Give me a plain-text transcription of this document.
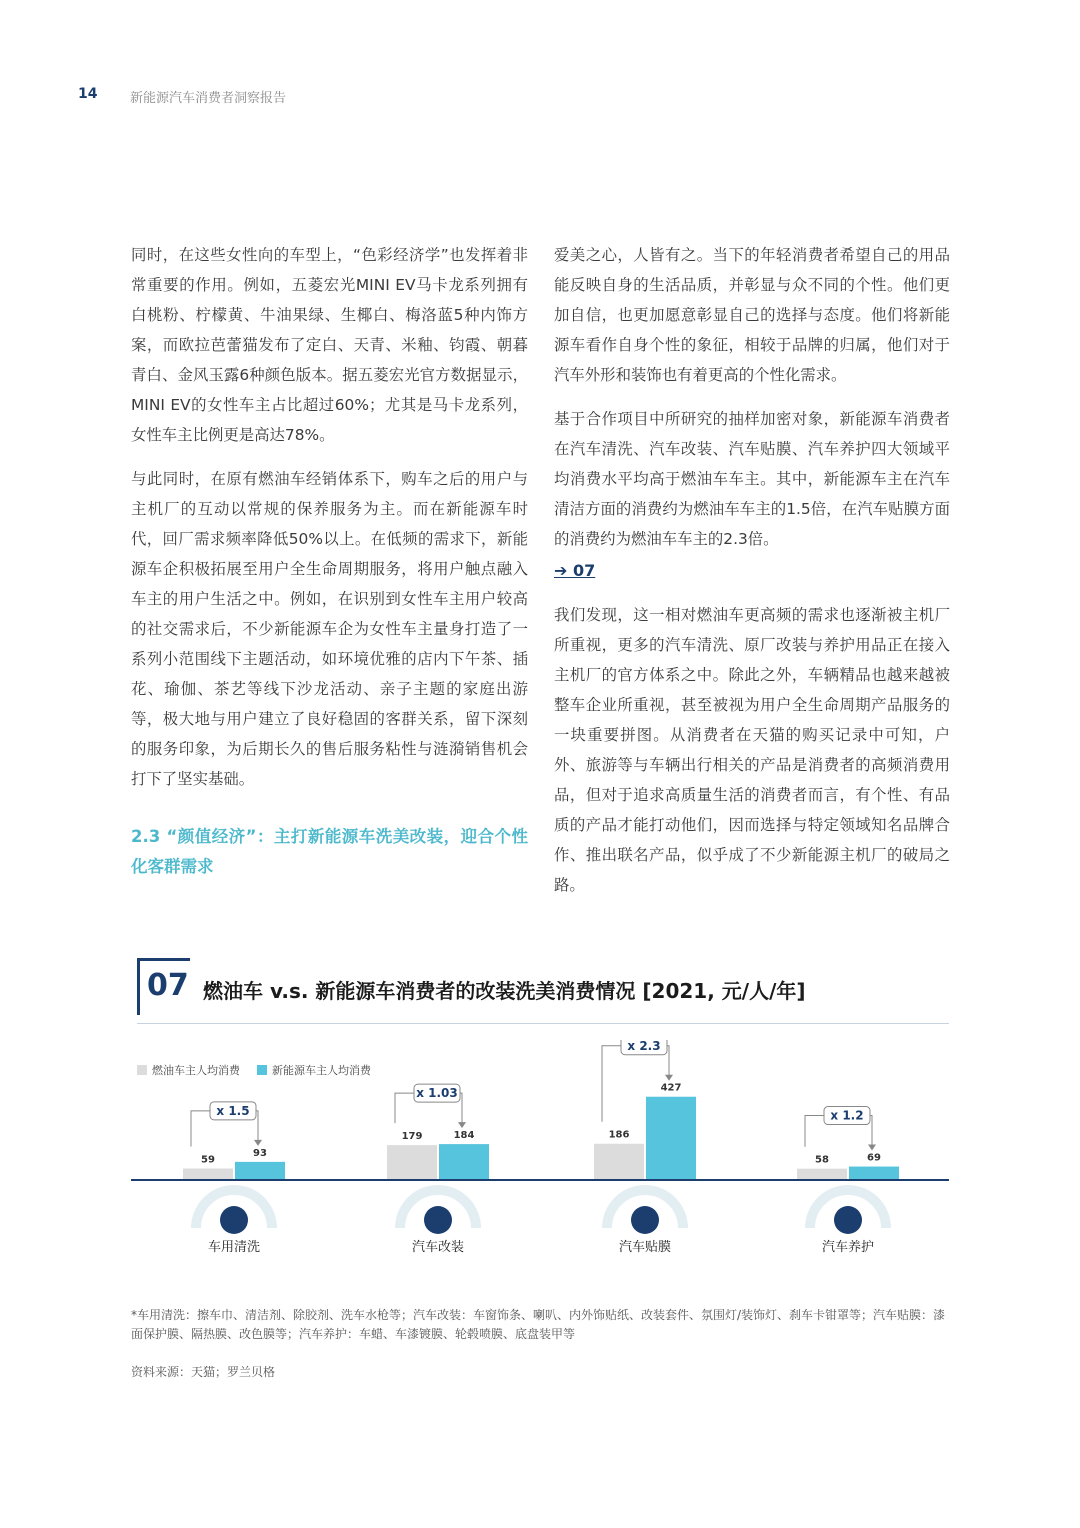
14	新能源汽车消费者洞察报告

同时，在这些女性向的车型上，“色彩经济学”也发挥着非常重要的作用。例如，五菱宏光MINI EV马卡龙系列拥有白桃粉、柠檬黄、牛油果绿、生椰白、梅洛蓝5种内饰方案，而欧拉芭蕾猫发布了定白、天青、米釉、钧霞、朝暮青白、金风玉露6种颜色版本。据五菱宏光官方数据显示，MINI EV的女性车主占比超过60%；尤其是马卡龙系列，女性车主比例更是高达78%。

与此同时，在原有燃油车经销体系下，购车之后的用户与主机厂的互动以常规的保养服务为主。而在新能源车时代，回厂需求频率降低50%以上。在低频的需求下，新能源车企积极拓展至用户全生命周期服务，将用户触点融入车主的用户生活之中。例如，在识别到女性车主用户较高的社交需求后，不少新能源车企为女性车主量身打造了一系列小范围线下主题活动，如环境优雅的店内下午茶、插花、瑜伽、茶艺等线下沙龙活动、亲子主题的家庭出游等，极大地与用户建立了良好稳固的客群关系，留下深刻的服务印象，为后期长久的售后服务粘性与涟漪销售机会打下了坚实基础。

2.3 “颜值经济”：主打新能源车洗美改装，迎合个性化客群需求

爱美之心，人皆有之。当下的年轻消费者希望自己的用品能反映自身的生活品质，并彰显与众不同的个性。他们更加自信，也更加愿意彰显自己的选择与态度。他们将新能源车看作自身个性的象征，相较于品牌的归属，他们对于汽车外形和装饰也有着更高的个性化需求。

基于合作项目中所研究的抽样加密对象，新能源车消费者在汽车清洗、汽车改装、汽车贴膜、汽车养护四大领域平均消费水平均高于燃油车车主。其中，新能源车主在汽车清洁方面的消费约为燃油车车主的1.5倍，在汽车贴膜方面的消费约为燃油车车主的2.3倍。

➔ 07

我们发现，这一相对燃油车更高频的需求也逐渐被主机厂所重视，更多的汽车清洗、原厂改装与养护用品正在接入主机厂的官方体系之中。除此之外，车辆精品也越来越被整车企业所重视，甚至被视为用户全生命周期产品服务的一块重要拼图。从消费者在天猫的购买记录中可知，户外、旅游等与车辆出行相关的产品是消费者的高频消费用品，但对于追求高质量生活的消费者而言，有个性、有品质的产品才能打动他们，因而选择与特定领域知名品牌合作、推出联名产品，似乎成了不少新能源主机厂的破局之路。

07 燃油车 v.s. 新能源车消费者的改装洗美消费情况 [2021, 元/人/年]
燃油车主人均消费	新能源车主人均消费
59
93
x 1.5
179	184
x 1.03
186
427
x 2.3
58	69
x 1.2
车用清洗	汽车改装	汽车贴膜	汽车养护
*车用清洗：擦车巾、清洁剂、除胶剂、洗车水枪等；汽车改装：车窗饰条、喇叭、内外饰贴纸、改装套件、氛围灯/装饰灯、刹车卡钳罩等；汽车贴膜：漆面保护膜、隔热膜、改色膜等；汽车养护：车蜡、车漆镀膜、轮毂喷膜、底盘装甲等
资料来源：天猫；罗兰贝格
